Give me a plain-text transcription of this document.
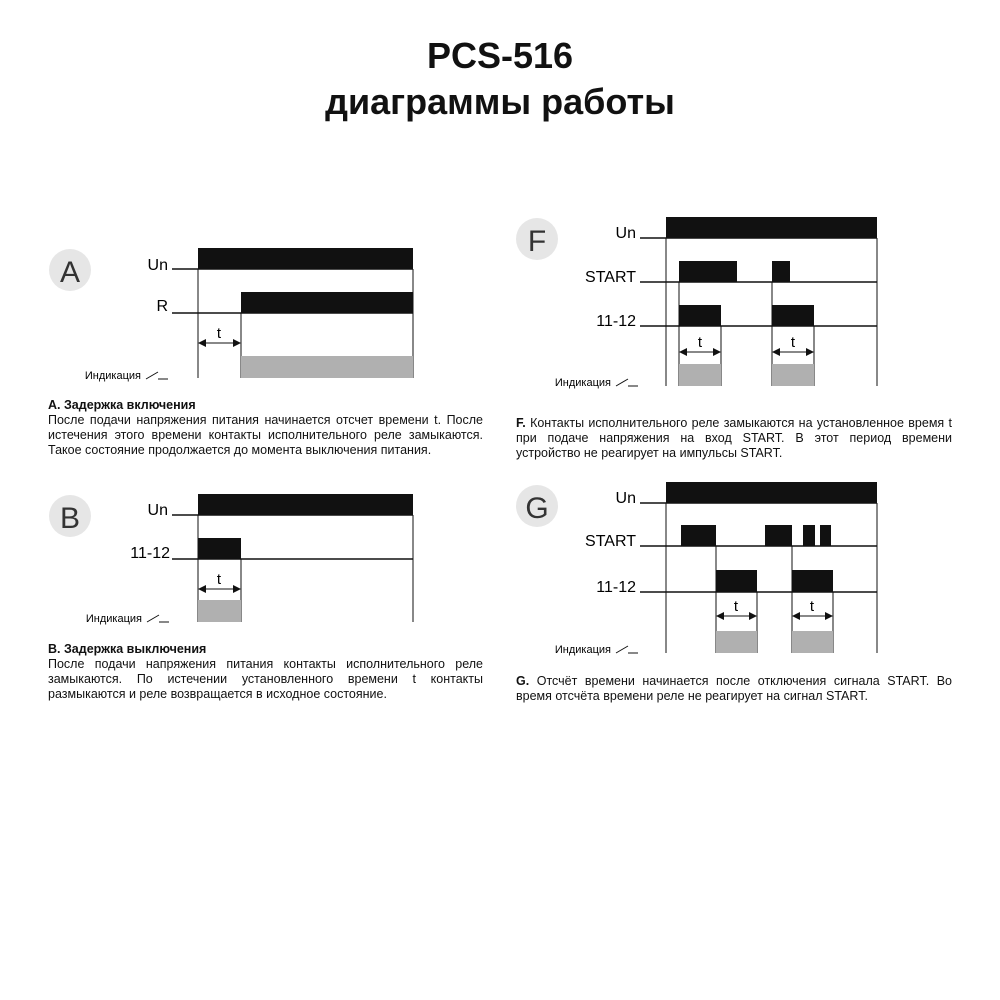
PCS-516
диаграммы работы
A	Un
R
t
Индикация
B	Un
11-12
t
Индикация
F	Un
START
11-12
t	t
Индикация
G	Un
START
11-12
t	t
Индикация
A. Задержка включения
После подачи напряжения питания начинается отсчет времени t. После истечения этого времени контакты исполнительного реле замыкаются. Такое состояние продолжается до момента выключения питания.
B. Задержка выключения
После подачи напряжения питания контакты исполнительного реле замыкаются. По истечении установленного времени t контакты размыкаются и реле возвращается в исходное состояние.
F. Контакты исполнительного реле замыкаются на установленное время t при подаче напряжения на вход START. В этот период времени устройство не реагирует на импульсы START.
G. Отсчёт времени начинается после отключения сигнала START. Во время отсчёта времени реле не реагирует на сигнал START.
